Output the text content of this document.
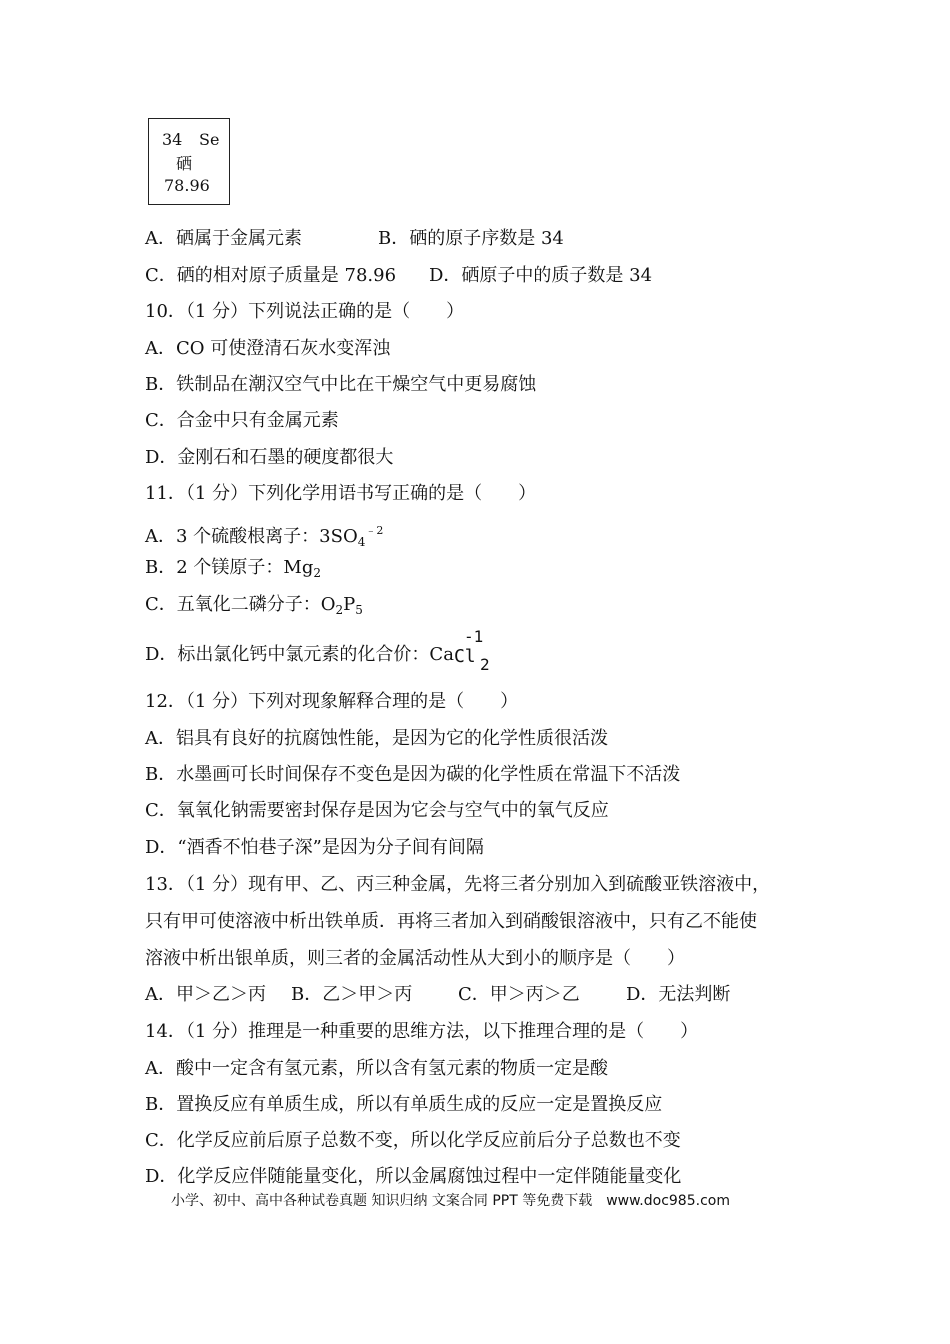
34 Se
硒
78.96
A．硒属于金属元素	B．硒的原子序数是 34
C．硒的相对原子质量是 78.96 D．硒原子中的质子数是 34
10．（1 分）下列说法正确的是（　　）
A．CO 可使澄清石灰水变浑浊
B．铁制品在潮汉空气中比在干燥空气中更易腐蚀
C．合金中只有金属元素
D．金刚石和石墨的硬度都很大
11．（1 分）下列化学用语书写正确的是（　　）
A．3 个硫酸根离子：$3SO_4^{﹣2}$
B．2 个镁原子：$Mg_2$
C．五氧化二磷分子：$O_2P_5$
D．标出氯化钙中氯元素的化合价：Ca
-1
Cl 2
12．（1 分）下列对现象解释合理的是（　　）
A．铝具有良好的抗腐蚀性能，是因为它的化学性质很活泼
B．水墨画可长时间保存不变色是因为碳的化学性质在常温下不活泼
C．氧氧化钠需要密封保存是因为它会与空气中的氧气反应
D．“酒香不怕巷子深”是因为分子间有间隔
13．（1 分）现有甲、乙、丙三种金属，先将三者分别加入到硫酸亚铁溶液中，
只有甲可使溶液中析出铁单质．再将三者加入到硝酸银溶液中，只有乙不能使
溶液中析出银单质，则三者的金属活动性从大到小的顺序是（　　）
A．甲＞乙＞丙 B．乙＞甲＞丙	C．甲＞丙＞乙	D．无法判断
14．（1 分）推理是一种重要的思维方法，以下推理合理的是（　　）
A．酸中一定含有氢元素，所以含有氢元素的物质一定是酸
B．置换反应有单质生成，所以有单质生成的反应一定是置换反应
C．化学反应前后原子总数不变，所以化学反应前后分子总数也不变
D．化学反应伴随能量变化，所以金属腐蚀过程中一定伴随能量变化
小学、初中、高中各种试卷真题 知识归纳 文案合同 PPT 等免费下载　www.doc985.com
